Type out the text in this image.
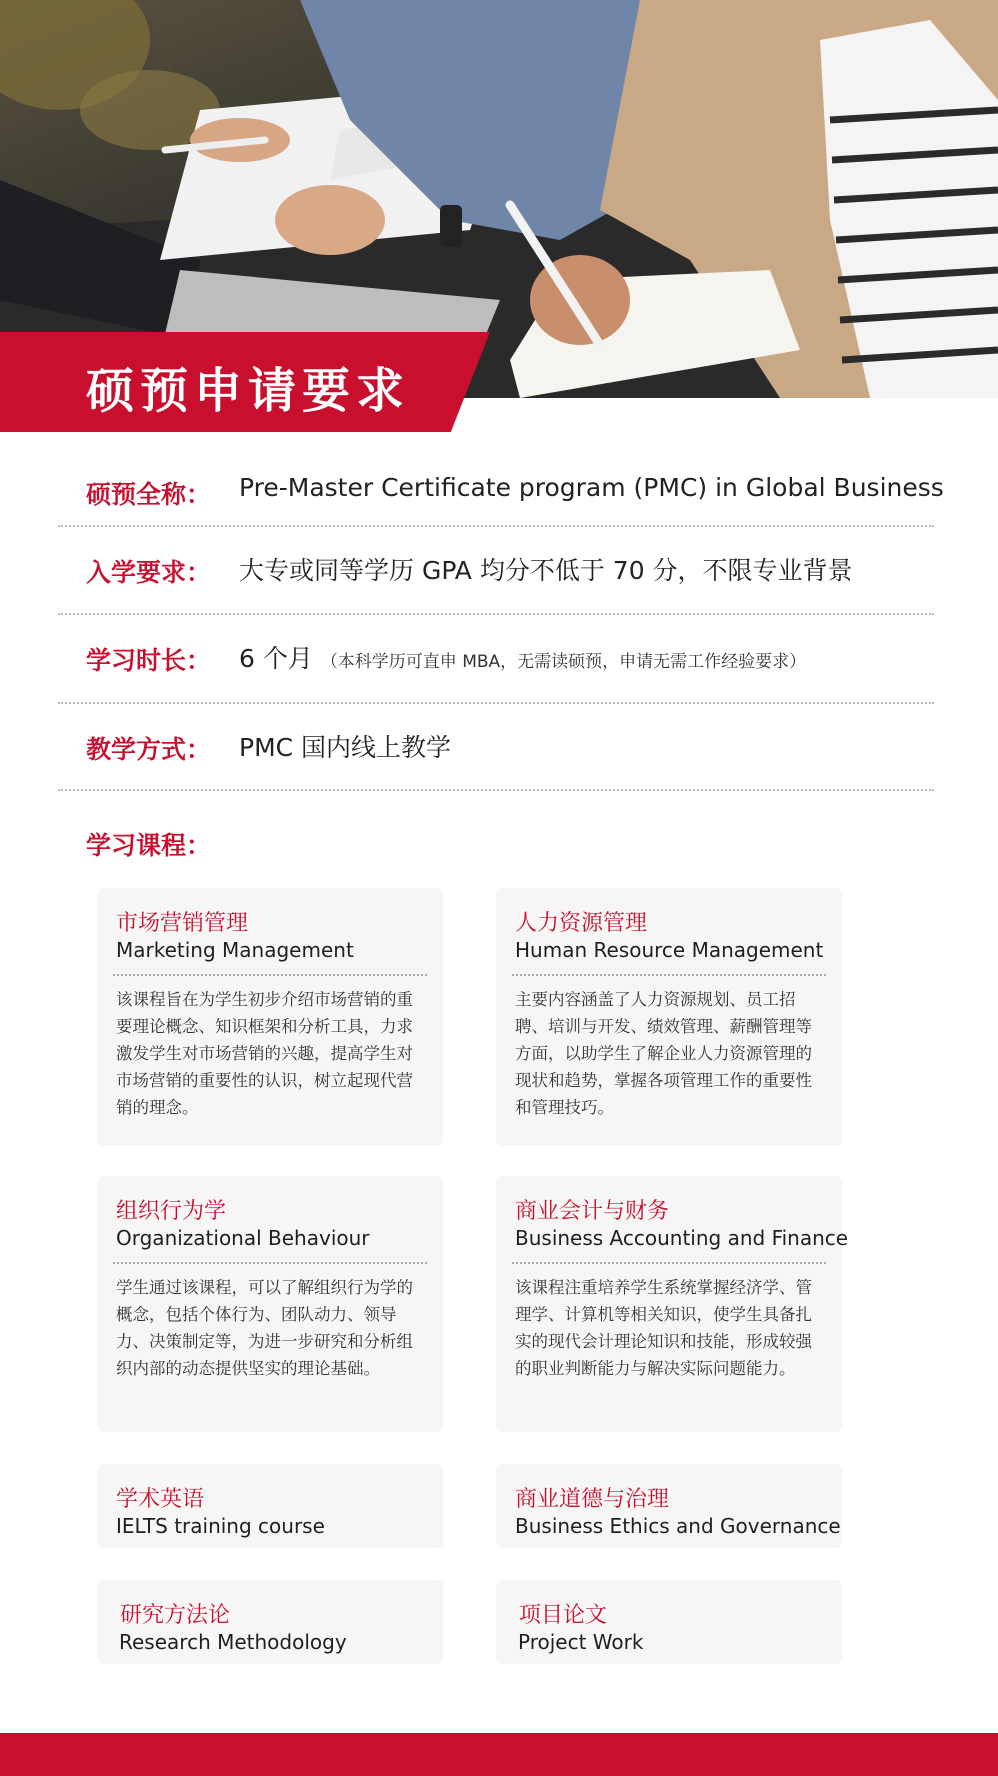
硕预申请要求
硕预全称： Pre-Master Certificate program (PMC) in Global Business
入学要求： 大专或同等学历 GPA 均分不低于 70 分，不限专业背景
学习时长： 6 个月 （本科学历可直申 MBA，无需读硕预，申请无需工作经验要求）
教学方式： PMC 国内线上教学
学习课程：
市场营销管理
Marketing Management
该课程旨在为学生初步介绍市场营销的重要理论概念、知识框架和分析工具，力求激发学生对市场营销的兴趣，提高学生对市场营销的重要性的认识，树立起现代营销的理念。
人力资源管理
Human Resource Management
主要内容涵盖了人力资源规划、员工招聘、培训与开发、绩效管理、薪酬管理等方面，以助学生了解企业人力资源管理的现状和趋势，掌握各项管理工作的重要性和管理技巧。
组织行为学
Organizational Behaviour
学生通过该课程，可以了解组织行为学的概念，包括个体行为、团队动力、领导力、决策制定等，为进一步研究和分析组织内部的动态提供坚实的理论基础。
商业会计与财务
Business Accounting and Finance
该课程注重培养学生系统掌握经济学、管理学、计算机等相关知识，使学生具备扎实的现代会计理论知识和技能，形成较强的职业判断能力与解决实际问题能力。
学术英语
IELTS training course
商业道德与治理
Business Ethics and Governance
研究方法论
Research Methodology
项目论文
Project Work
